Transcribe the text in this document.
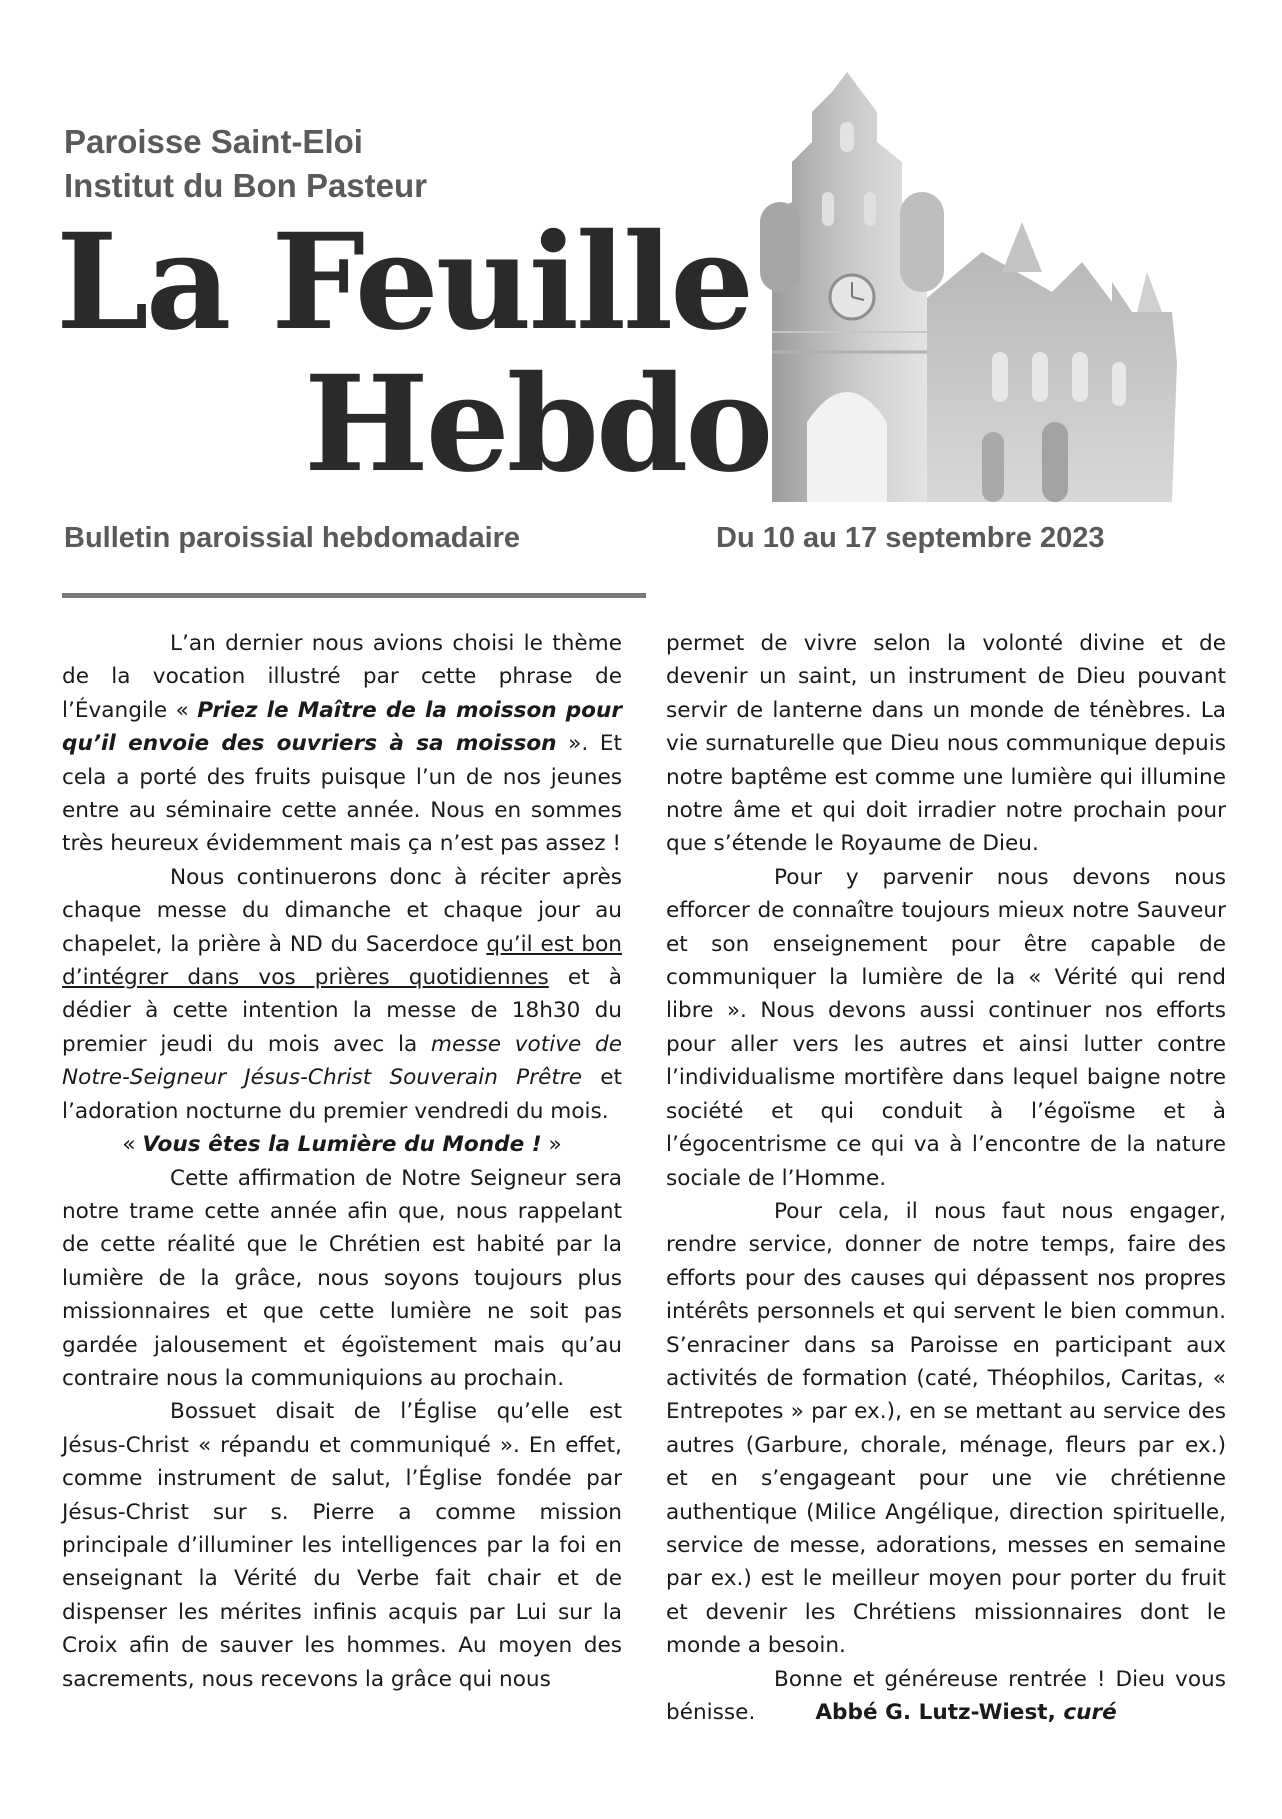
Paroisse Saint-Eloi
Institut du Bon Pasteur
La Feuille
Hebdo
Bulletin paroissial hebdomadaire	Du 10 au 17 septembre 2023

L’an dernier nous avions choisi le thème de la vocation illustré par cette phrase de l’Évangile « Priez le Maître de la moisson pour qu’il envoie des ouvriers à sa moisson ». Et cela a porté des fruits puisque l’un de nos jeunes entre au séminaire cette année. Nous en sommes très heureux évidemment mais ça n’est pas assez !

Nous continuerons donc à réciter après chaque messe du dimanche et chaque jour au chapelet, la prière à ND du Sacerdoce qu’il est bon d’intégrer dans vos prières quotidiennes et à dédier à cette intention la messe de 18h30 du premier jeudi du mois avec la messe votive de Notre-Seigneur Jésus-Christ Souverain Prêtre et l’adoration nocturne du premier vendredi du mois.

« Vous êtes la Lumière du Monde ! »

Cette affirmation de Notre Seigneur sera notre trame cette année afin que, nous rappelant de cette réalité que le Chrétien est habité par la lumière de la grâce, nous soyons toujours plus missionnaires et que cette lumière ne soit pas gardée jalousement et égoïstement mais qu’au contraire nous la communiquions au prochain.

Bossuet disait de l’Église qu’elle est Jésus-Christ « répandu et communiqué ». En effet, comme instrument de salut, l’Église fondée par Jésus-Christ sur s. Pierre a comme mission principale d’illuminer les intelligences par la foi en enseignant la Vérité du Verbe fait chair et de dispenser les mérites infinis acquis par Lui sur la Croix afin de sauver les hommes. Au moyen des sacrements, nous recevons la grâce qui nous

permet de vivre selon la volonté divine et de devenir un saint, un instrument de Dieu pouvant servir de lanterne dans un monde de ténèbres. La vie surnaturelle que Dieu nous communique depuis notre baptême est comme une lumière qui illumine notre âme et qui doit irradier notre prochain pour que s’étende le Royaume de Dieu.

Pour y parvenir nous devons nous efforcer de connaître toujours mieux notre Sauveur et son enseignement pour être capable de communiquer la lumière de la « Vérité qui rend libre ». Nous devons aussi continuer nos efforts pour aller vers les autres et ainsi lutter contre l’individualisme mortifère dans lequel baigne notre société et qui conduit à l’égoïsme et à l’égocentrisme ce qui va à l’encontre de la nature sociale de l’Homme.

Pour cela, il nous faut nous engager, rendre service, donner de notre temps, faire des efforts pour des causes qui dépassent nos propres intérêts personnels et qui servent le bien commun. S’enraciner dans sa Paroisse en participant aux activités de formation (caté, Théophilos, Caritas, « Entrepotes » par ex.), en se mettant au service des autres (Garbure, chorale, ménage, fleurs par ex.) et en s’engageant pour une vie chrétienne authentique (Milice Angélique, direction spirituelle, service de messe, adorations, messes en semaine par ex.) est le meilleur moyen pour porter du fruit et devenir les Chrétiens missionnaires dont le monde a besoin.

Bonne et généreuse rentrée ! Dieu vous bénisse.	Abbé G. Lutz-Wiest, curé
